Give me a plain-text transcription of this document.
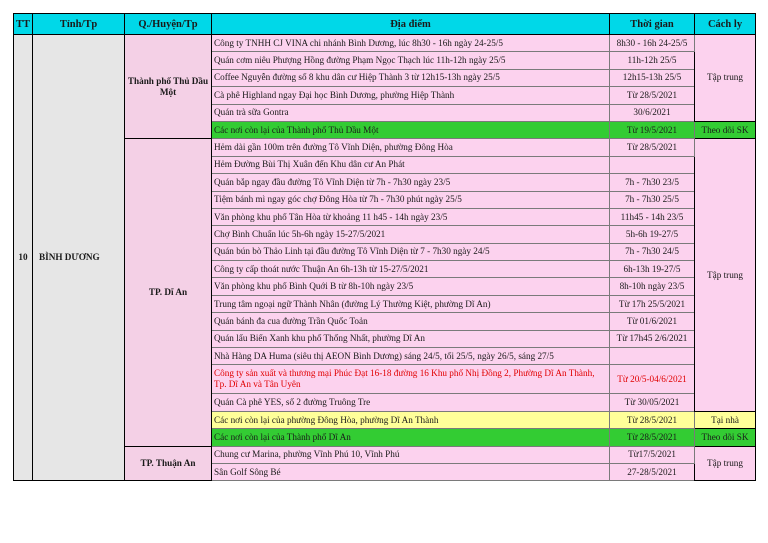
TT	Tỉnh/Tp	Q./Huyện/Tp	Địa điểm	Thời gian	Cách ly
10	BÌNH DƯƠNG	Thành phố Thủ Dầu Một	Công ty TNHH CJ VINA chi nhánh Bình Dương, lúc 8h30 - 16h ngày 24-25/5	8h30 - 16h 24-25/5	Tập trung
			Quán cơm niêu Phượng Hồng đường Phạm Ngọc Thạch lúc 11h-12h ngày 25/5	11h-12h 25/5	
			Coffee Nguyễn đường số 8 khu dân cư Hiệp Thành 3 từ 12h15-13h ngày 25/5	12h15-13h 25/5	
			Cà phê Highland ngay Đại học Bình Dương, phường Hiệp Thành	Từ 28/5/2021	
			Quán trà sữa Gontra	30/6/2021	
			Các nơi còn lại của Thành phố Thủ Dầu Một	Từ 19/5/2021	Theo dõi SK
		TP. Dĩ An	Hẻm dài gần 100m trên đường Tô Vĩnh Diện, phường Đông Hòa	Từ 28/5/2021	Tập trung
			Hẻm Đường Bùi Thị Xuân đến Khu dân cư An Phát		
			Quán bắp ngay đầu đường Tô Vĩnh Diện từ 7h - 7h30 ngày 23/5	7h - 7h30 23/5	
			Tiệm bánh mì ngay góc chợ Đông Hòa từ 7h - 7h30 phút ngày 25/5	7h - 7h30 25/5	
			Văn phòng khu phố Tân Hòa từ khoảng 11 h45 - 14h ngày 23/5	11h45 - 14h 23/5	
			Chợ Bình Chuẩn lúc 5h-6h ngày 15-27/5/2021	5h-6h 19-27/5	
			Quán bún bò Thảo Linh tại đầu đường Tô Vĩnh Diện từ 7 - 7h30 ngày 24/5	7h - 7h30 24/5	
			Công ty cấp thoát nước Thuận An 6h-13h từ 15-27/5/2021	6h-13h 19-27/5	
			Văn phòng khu phố Bình Quới B từ 8h-10h ngày 23/5	8h-10h ngày 23/5	
			Trung tâm ngoại ngữ Thành Nhân (đường Lý Thường Kiệt, phường Dĩ An)	Từ 17h 25/5/2021	
			Quán bánh đa cua đường Trần Quốc Toản	Từ 01/6/2021	
			Quán lẩu Biển Xanh khu phố Thống Nhất, phường Dĩ An	Từ 17h45 2/6/2021	
			Nhà Hàng DA Huma (siêu thị AEON Bình Dương) sáng 24/5, tối 25/5, ngày 26/5, sáng 27/5		
			Công ty sản xuất và thương mại Phúc Đạt 16-18 đường 16 Khu phố Nhị Đồng 2, Phường Dĩ An Thành, Tp. Dĩ An và Tân Uyên	Từ 20/5-04/6/2021	
			Quán Cà phê YES, số 2 đường Truông Tre	Từ 30/05/2021	
			Các nơi còn lại của phường Đông Hòa, phường Dĩ An Thành	Từ 28/5/2021	Tại nhà
			Các nơi còn lại của Thành phố Dĩ An	Từ 28/5/2021	Theo dõi SK
		TP. Thuận An	Chung cư Marina, phường Vĩnh Phú 10, Vĩnh Phú	Từ17/5/2021	Tập trung
			Sân Golf Sông Bé	27-28/5/2021	
